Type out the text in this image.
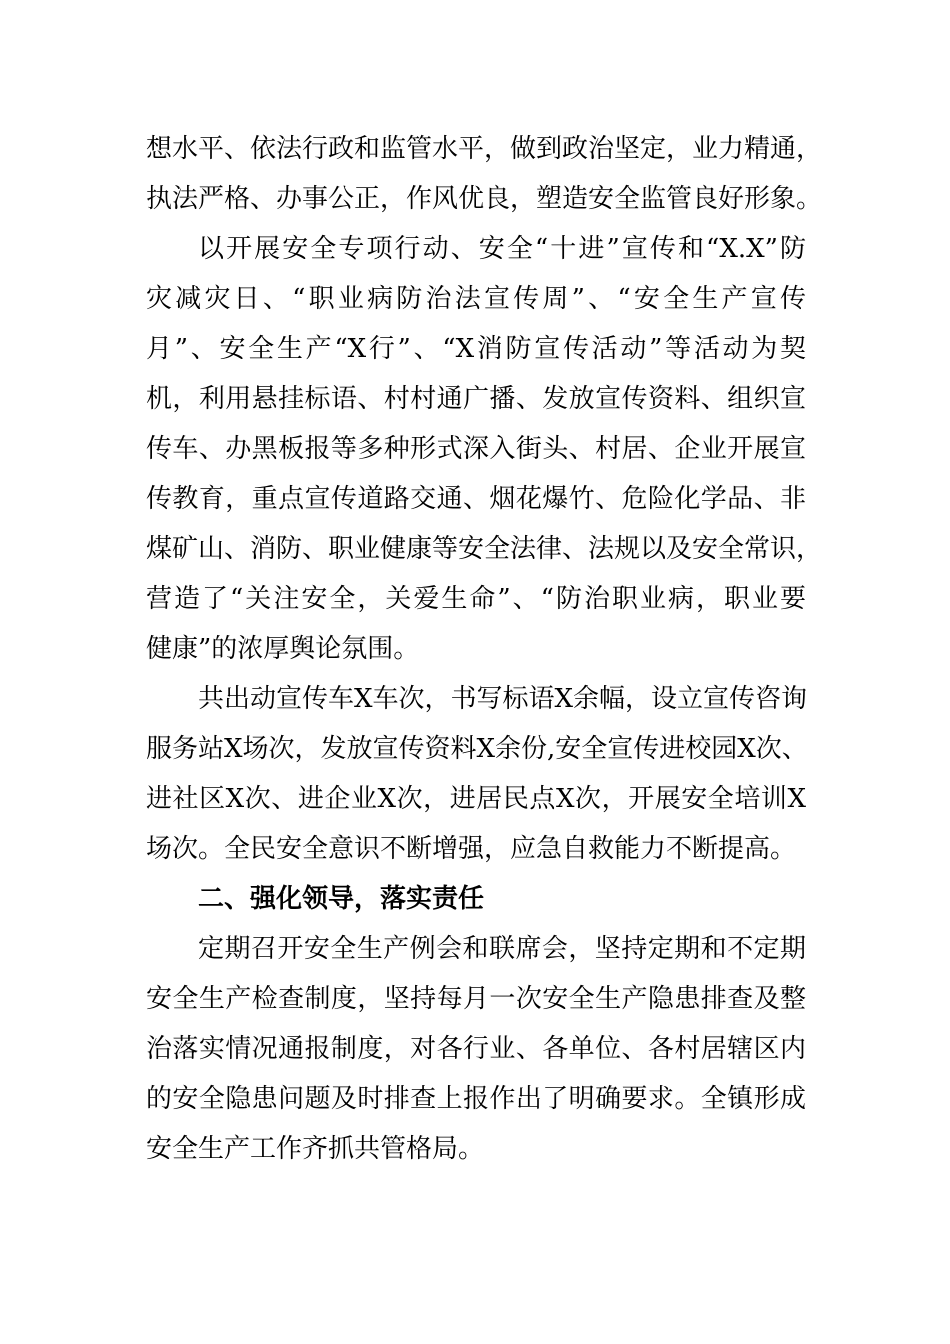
想水平、依法行政和监管水平，做到政治坚定，业力精通，
执法严格、办事公正，作风优良，塑造安全监管良好形象。
以开展安全专项行动、安全“十进”宣传和“X.X”防
灾减灾日、“职业病防治法宣传周”、“安全生产宣传
月”、安全生产“X行”、“X消防宣传活动”等活动为契
机，利用悬挂标语、村村通广播、发放宣传资料、组织宣
传车、办黑板报等多种形式深入街头、村居、企业开展宣
传教育，重点宣传道路交通、烟花爆竹、危险化学品、非
煤矿山、消防、职业健康等安全法律、法规以及安全常识，
营造了“关注安全，关爱生命”、“防治职业病，职业要
健康”的浓厚舆论氛围。
共出动宣传车X车次，书写标语X余幅，设立宣传咨询
服务站X场次，发放宣传资料X余份,安全宣传进校园X次、
进社区X次、进企业X次，进居民点X次，开展安全培训X
场次。全民安全意识不断增强，应急自救能力不断提高。
二、强化领导，落实责任
定期召开安全生产例会和联席会，坚持定期和不定期
安全生产检查制度，坚持每月一次安全生产隐患排查及整
治落实情况通报制度，对各行业、各单位、各村居辖区内
的安全隐患问题及时排查上报作出了明确要求。全镇形成
安全生产工作齐抓共管格局。
